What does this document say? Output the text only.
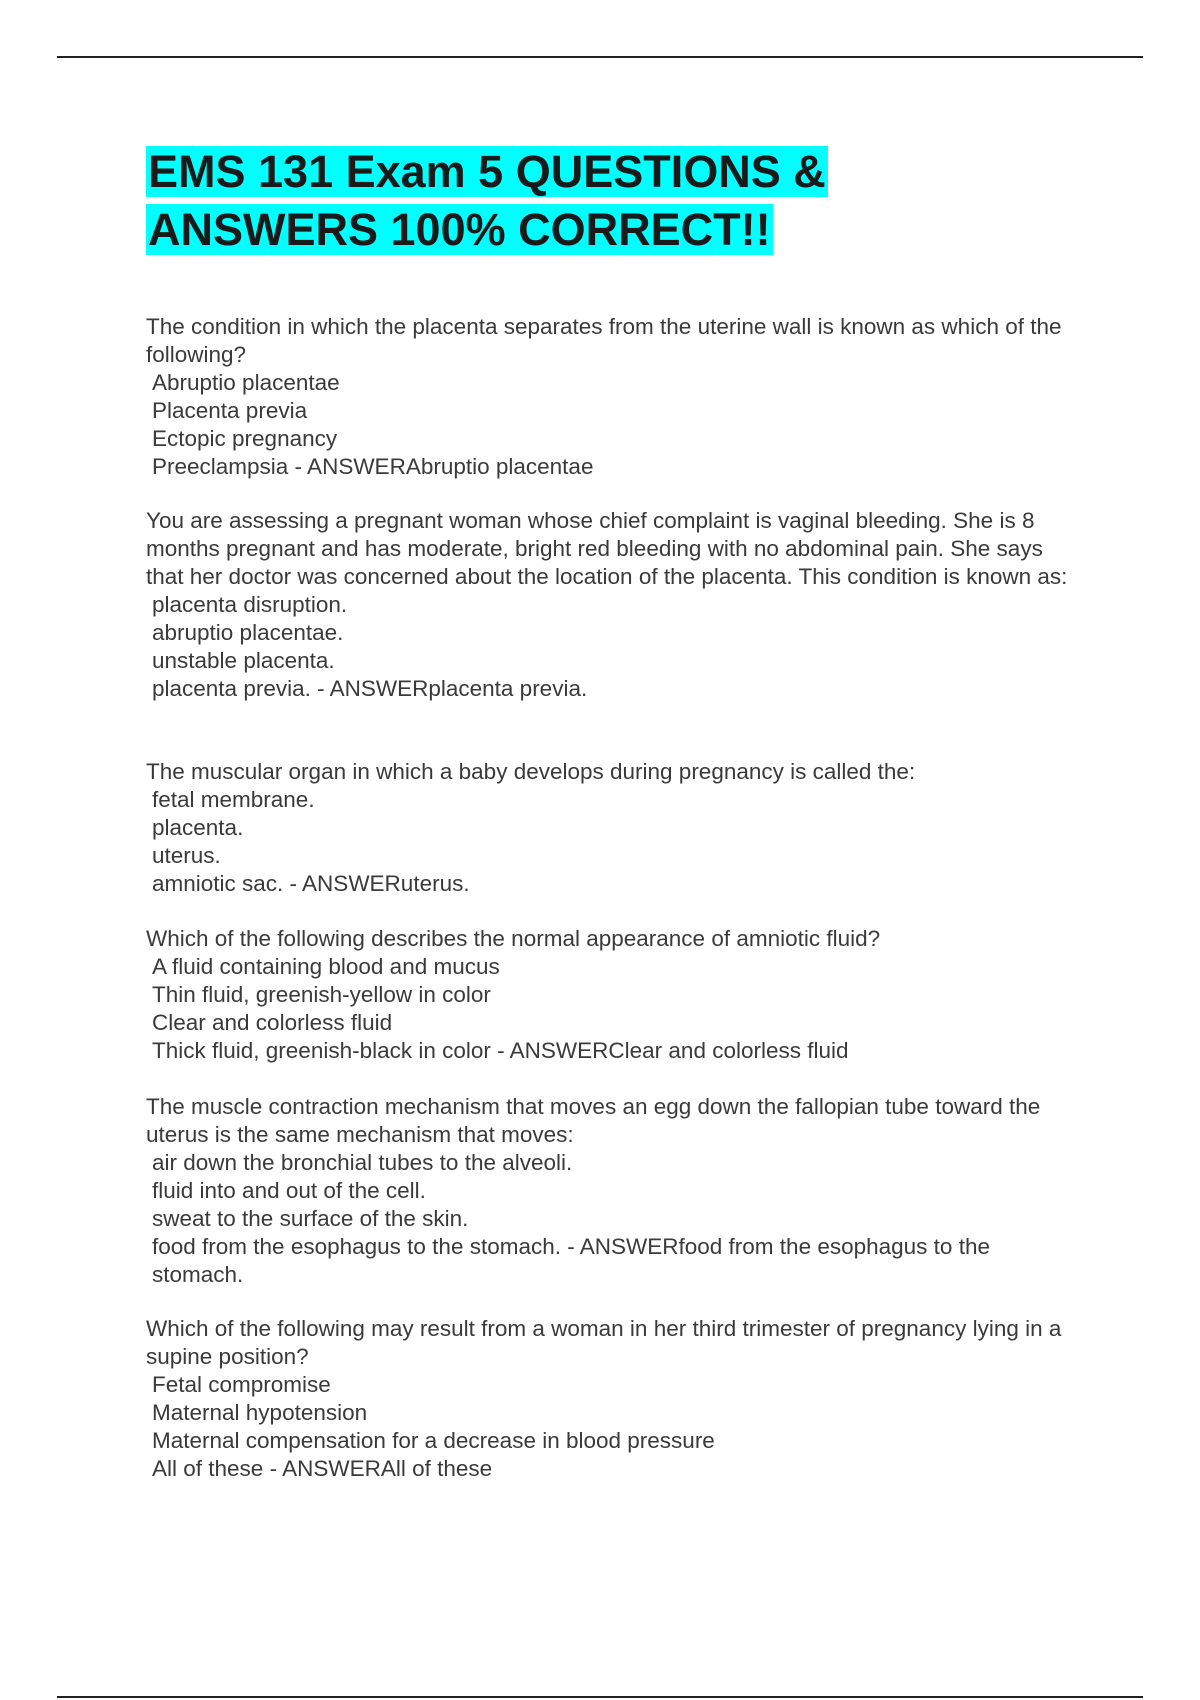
EMS 131 Exam 5 QUESTIONS &
ANSWERS 100% CORRECT!!

The condition in which the placenta separates from the uterine wall is known as which of the following?

Abruptio placentae
Placenta previa
Ectopic pregnancy
Preeclampsia - ANSWERAbruptio placentae

You are assessing a pregnant woman whose chief complaint is vaginal bleeding. She is 8 months pregnant and has moderate, bright red bleeding with no abdominal pain. She says that her doctor was concerned about the location of the placenta. This condition is known as:

placenta disruption.
abruptio placentae.
unstable placenta.
placenta previa. - ANSWERplacenta previa.

The muscular organ in which a baby develops during pregnancy is called the:

fetal membrane.
placenta.
uterus.
amniotic sac. - ANSWERuterus.

Which of the following describes the normal appearance of amniotic fluid?

A fluid containing blood and mucus
Thin fluid, greenish-yellow in color
Clear and colorless fluid
Thick fluid, greenish-black in color - ANSWERClear and colorless fluid

The muscle contraction mechanism that moves an egg down the fallopian tube toward the uterus is the same mechanism that moves:

air down the bronchial tubes to the alveoli.
fluid into and out of the cell.
sweat to the surface of the skin.
food from the esophagus to the stomach. - ANSWERfood from the esophagus to the stomach.

Which of the following may result from a woman in her third trimester of pregnancy lying in a supine position?

Fetal compromise
Maternal hypotension
Maternal compensation for a decrease in blood pressure
All of these - ANSWERAll of these
